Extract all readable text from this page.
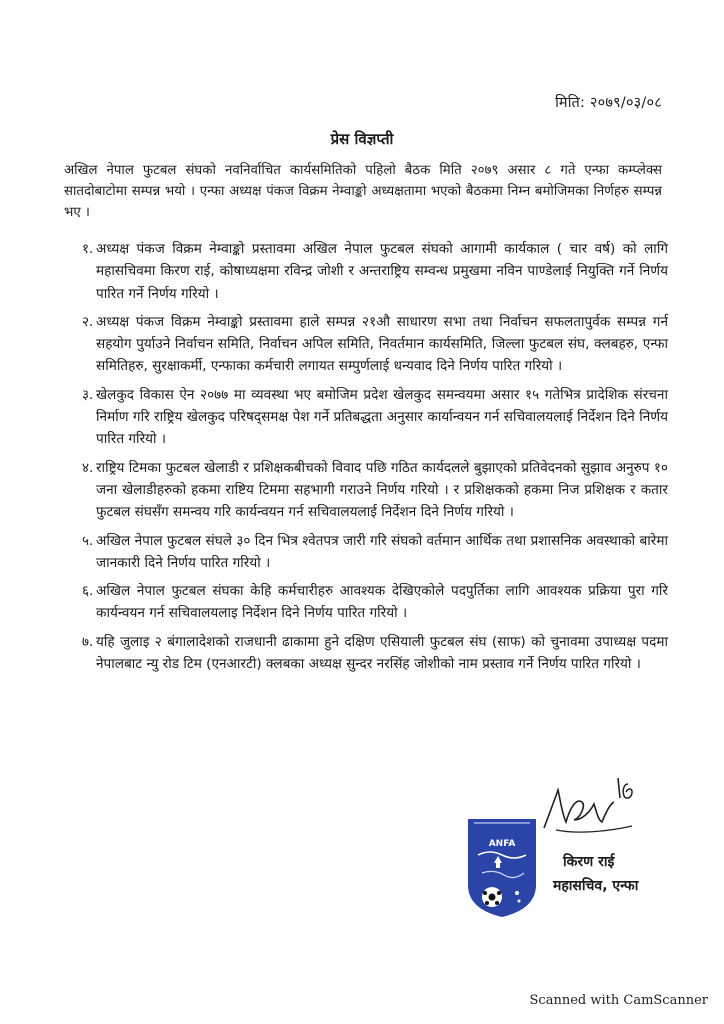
मिति: २०७९/०३/०८
प्रेस विज्ञप्ती

अखिल नेपाल फुटबल संघको नवनिर्वाचित कार्यसमितिको पहिलो बैठक मिति २०७९ असार ८ गते एन्फा कम्प्लेक्स सातदोबाटोमा सम्पन्न भयो । एन्फा अध्यक्ष पंकज विक्रम नेम्वाङ्को अध्यक्षतामा भएको बैठकमा निम्न बमोजिमका निर्णहरु सम्पन्न भए ।

१. अध्यक्ष पंकज विक्रम नेम्वाङ्को प्रस्तावमा अखिल नेपाल फुटबल संघको आगामी कार्यकाल ( चार वर्ष) को लागि महासचिवमा किरण राई, कोषाध्यक्षमा रविन्द्र जोशी र अन्तराष्ट्रिय सम्वन्ध प्रमुखमा नविन पाण्डेलाई नियुक्ति गर्ने निर्णय पारित गर्ने निर्णय गरियो ।
२. अध्यक्ष पंकज विक्रम नेम्वाङ्को प्रस्तावमा हाले सम्पन्न २१औ साधारण सभा तथा निर्वाचन सफलतापुर्वक सम्पन्न गर्न सहयोग पुर्याउने निर्वाचन समिति, निर्वाचन अपिल समिति, निवर्तमान कार्यसमिति, जिल्ला फुटबल संघ, क्लबहरु, एन्फा समितिहरु, सुरक्षाकर्मी, एन्फाका कर्मचारी लगायत सम्पुर्णलाई धन्यवाद दिने निर्णय पारित गरियो ।
३. खेलकुद विकास ऐन २०७७ मा व्यवस्था भए बमोजिम प्रदेश खेलकुद समन्वयमा असार १५ गतेभित्र प्रादेशिक संरचना निर्माण गरि राष्ट्रिय खेलकुद परिषद्समक्ष पेश गर्ने प्रतिबद्धता अनुसार कार्यान्वयन गर्न सचिवालयलाई निर्देशन दिने निर्णय पारित गरियो ।
४. राष्ट्रिय टिमका फुटबल खेलाडी र प्रशिक्षकबीचको विवाद पछि गठित कार्यदलले बुझाएको प्रतिवेदनको सुझाव अनुरुप १० जना खेलाडीहरुको हकमा राष्टिय टिममा सहभागी गराउने निर्णय गरियो । र प्रशिक्षकको हकमा निज प्रशिक्षक र कतार फुटबल संघसँग समन्वय गरि कार्यन्वयन गर्न सचिवालयलाई निर्देशन दिने निर्णय गरियो ।
५. अखिल नेपाल फुटबल संघले ३० दिन भित्र श्वेतपत्र जारी गरि संघको वर्तमान आर्थिक तथा प्रशासनिक अवस्थाको बारेमा जानकारी दिने निर्णय पारित गरियो ।
६. अखिल नेपाल फुटबल संघका केहि कर्मचारीहरु आवश्यक देखिएकोले पदपुर्तिका लागि आवश्यक प्रक्रिया पुरा गरि कार्यन्वयन गर्न सचिवालयलाइ निर्देशन दिने निर्णय पारित गरियो ।
७. यहि जुलाइ २ बंगालादेशको राजधानी ढाकामा हुने दक्षिण एसियाली फुटबल संघ (साफ) को चुनावमा उपाध्यक्ष पदमा नेपालबाट न्यु रोड टिम (एनआरटी) क्लबका अध्यक्ष सुन्दर नरसिंह जोशीको नाम प्रस्ताव गर्ने निर्णय पारित गरियो ।
ANFA
किरण राई
महासचिव, एन्फा
Scanned with CamScanner
